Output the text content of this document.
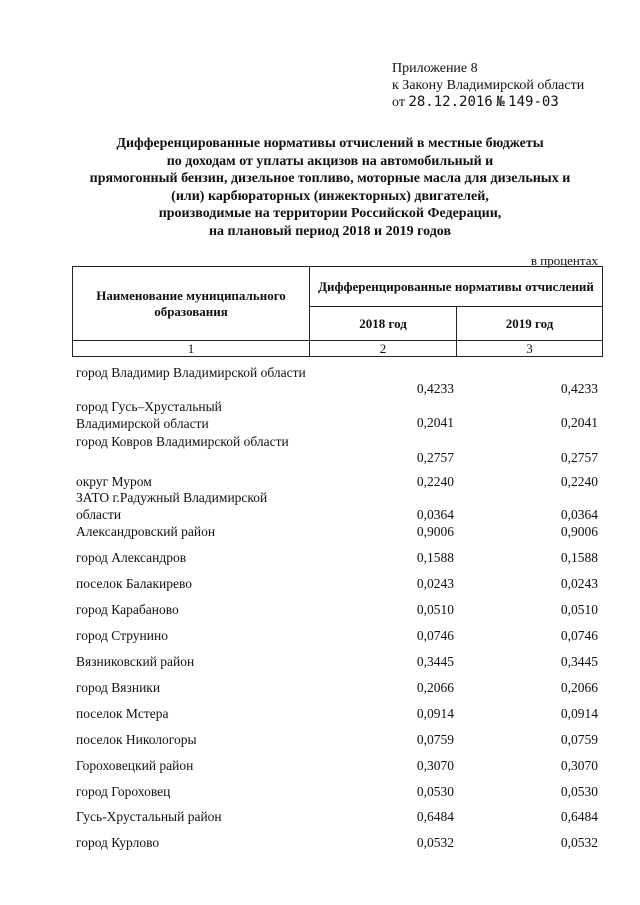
Приложение 8
к Закону Владимирской области
от 28.12.2016 № 149-03
Дифференцированные нормативы отчислений в местные бюджеты
по доходам от уплаты акцизов на автомобильный и
прямогонный бензин, дизельное топливо, моторные масла для дизельных и
(или) карбюраторных (инжекторных) двигателей,
производимые на территории Российской Федерации,
на плановый период 2018 и 2019 годов
в процентах
Наименование муниципального образования	Дифференцированные нормативы отчислений	
	2018 год	2019 год
1	2	3
город Владимир Владимирской области
0,4233	0,4233
город Гусь–Хрустальный Владимирской области	0,2041	0,2041
город Ковров Владимирской области
0,2757	0,2757
округ Муром	0,2240	0,2240
ЗАТО г.Радужный Владимирской области	0,0364	0,0364
Александровский район	0,9006	0,9006
город Александров	0,1588	0,1588
поселок Балакирево	0,0243	0,0243
город Карабаново	0,0510	0,0510
город Струнино	0,0746	0,0746
Вязниковский район	0,3445	0,3445
город Вязники	0,2066	0,2066
поселок Мстера	0,0914	0,0914
поселок Никологоры	0,0759	0,0759
Гороховецкий район	0,3070	0,3070
город Гороховец	0,0530	0,0530
Гусь-Хрустальный район	0,6484	0,6484
город Курлово	0,0532	0,0532
